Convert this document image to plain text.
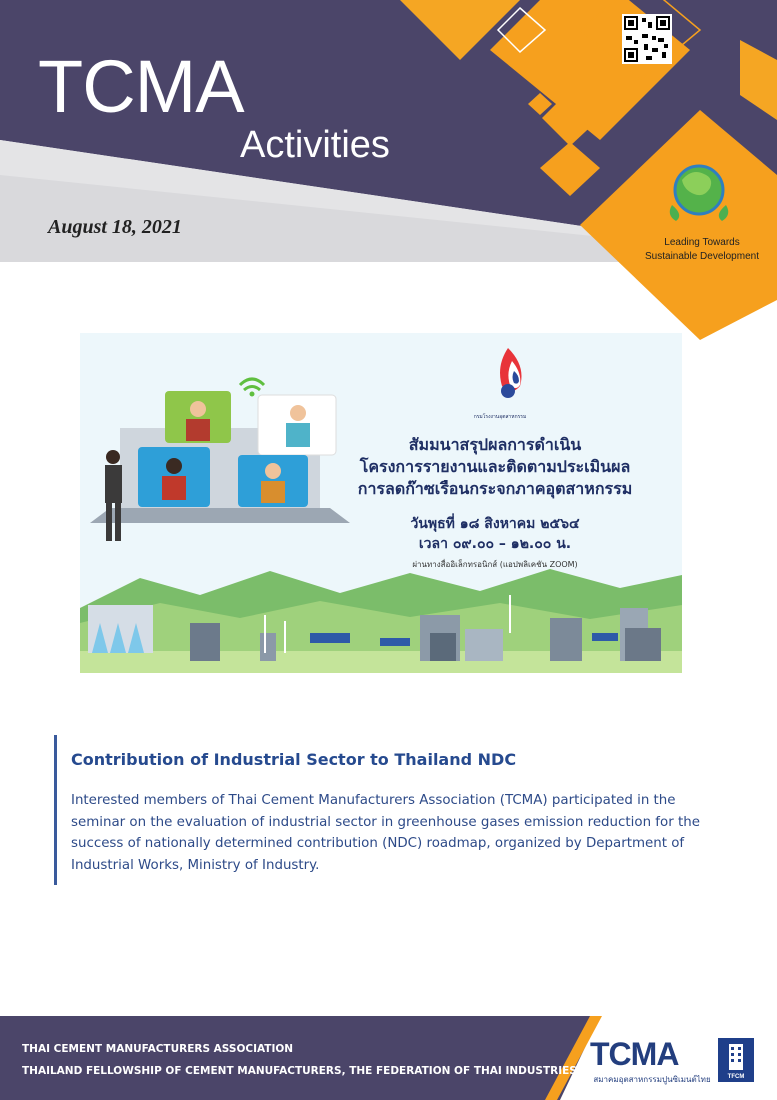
TCMA
Activities
August 18, 2021
Leading Towards
Sustainable Development
กรมโรงงานอุตสาหกรรม
สัมมนาสรุปผลการดำเนิน
โครงการรายงานและติดตามประเมินผล
การลดก๊าซเรือนกระจกภาคอุตสาหกรรม
วันพุธที่ ๑๘ สิงหาคม ๒๕๖๔
เวลา ๐๙.๐๐ – ๑๒.๐๐ น.
ผ่านทางสื่ออิเล็กทรอนิกส์ (แอปพลิเคชัน ZOOM)
Contribution of Industrial Sector to Thailand NDC
Interested members of Thai Cement Manufacturers Association (TCMA) participated in the seminar on the evaluation of industrial sector in greenhouse gases emission reduction for the success of nationally determined contribution (NDC) roadmap, organized by Department of Industrial Works, Ministry of Industry.
THAI CEMENT MANUFACTURERS ASSOCIATION
THAILAND FELLOWSHIP OF CEMENT MANUFACTURERS, THE FEDERATION OF THAI INDUSTRIES TCMA
สมาคมอุตสาหกรรมปูนซิเมนต์ไทย	TFCM
